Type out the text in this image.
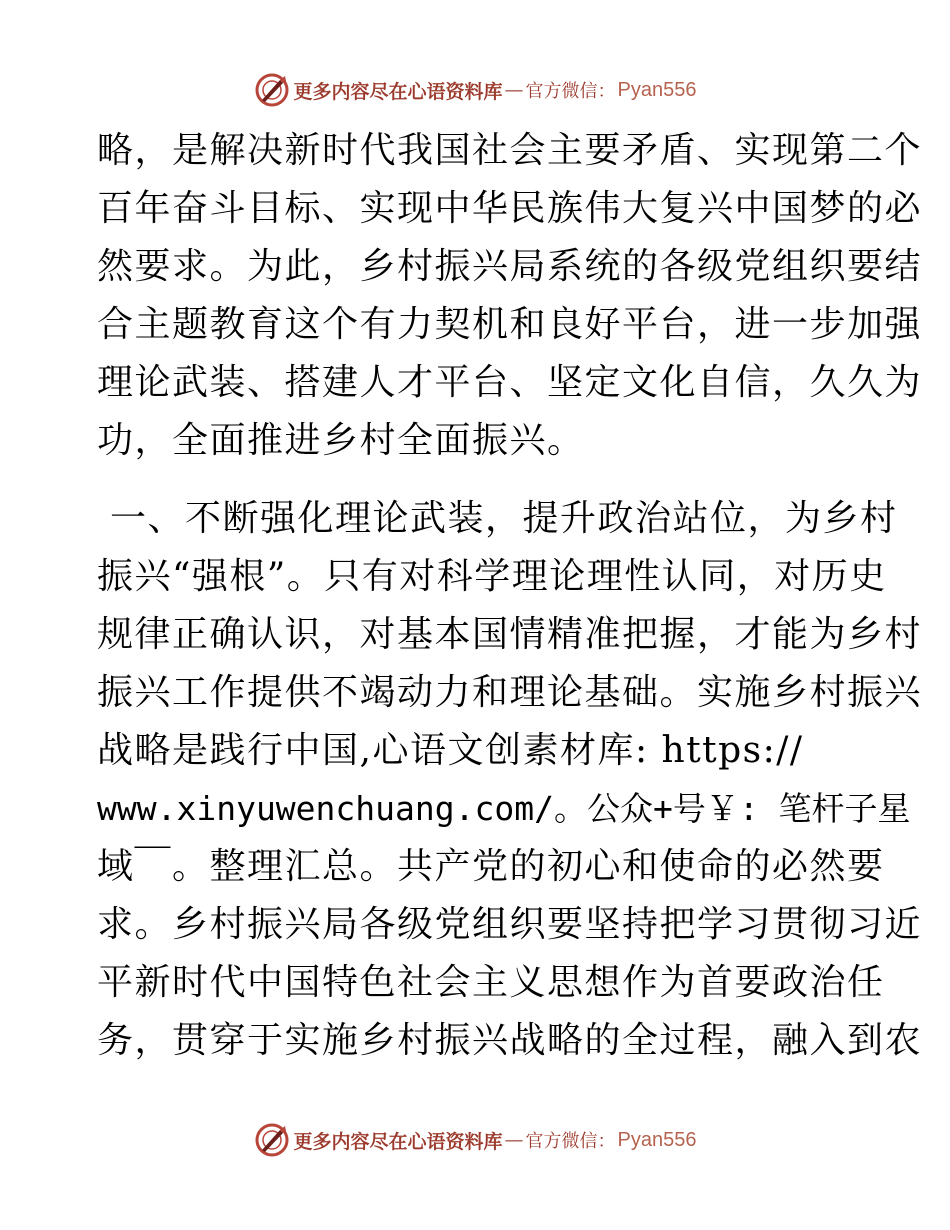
更多内容尽在心语资料库 — 官方微信： Pyan556
略，是解决新时代我国社会主要矛盾、实现第二个
百年奋斗目标、实现中华民族伟大复兴中国梦的必
然要求。为此，乡村振兴局系统的各级党组织要结
合主题教育这个有力契机和良好平台，进一步加强
理论武装、搭建人才平台、坚定文化自信，久久为
功，全面推进乡村全面振兴。
一、不断强化理论武装，提升政治站位，为乡村
振兴“强根”。只有对科学理论理性认同，对历史
规律正确认识，对基本国情精准把握，才能为乡村
振兴工作提供不竭动力和理论基础。实施乡村振兴
战略是践行中国,心语文创素材库: https://
www.xinyuwenchuang.com/。公众+号￥: 笔杆子星
域￣。整理汇总。共产党的初心和使命的必然要
求。乡村振兴局各级党组织要坚持把学习贯彻习近
平新时代中国特色社会主义思想作为首要政治任
务，贯穿于实施乡村振兴战略的全过程，融入到农
更多内容尽在心语资料库 — 官方微信： Pyan556
